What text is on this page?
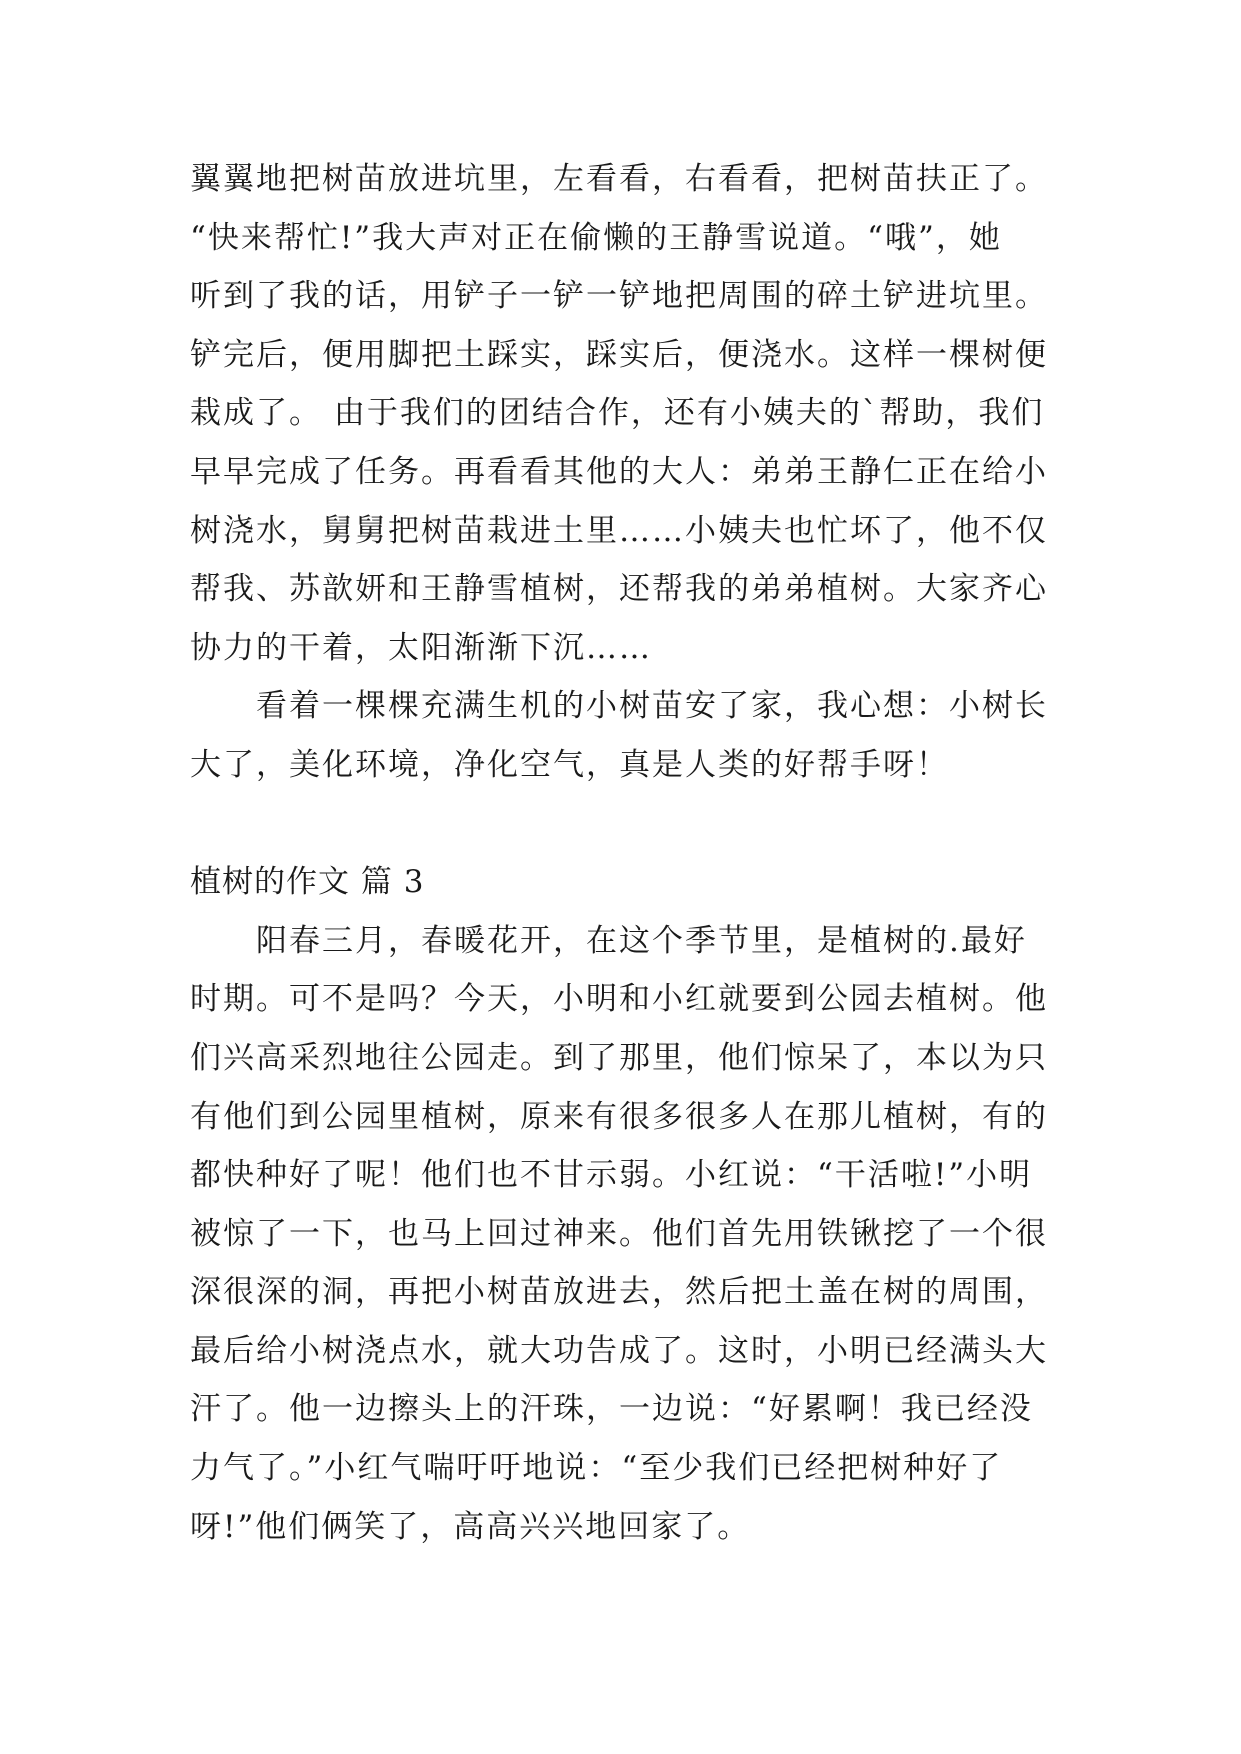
翼翼地把树苗放进坑里，左看看，右看看，把树苗扶正了。
“快来帮忙!”我大声对正在偷懒的王静雪说道。“哦”，她
听到了我的话，用铲子一铲一铲地把周围的碎土铲进坑里。
铲完后，便用脚把土踩实，踩实后，便浇水。这样一棵树便
栽成了。 由于我们的团结合作，还有小姨夫的`帮助，我们
早早完成了任务。再看看其他的大人：弟弟王静仁正在给小
树浇水，舅舅把树苗栽进土里……小姨夫也忙坏了，他不仅
帮我、苏歆妍和王静雪植树，还帮我的弟弟植树。大家齐心
协力的干着，太阳渐渐下沉……
看着一棵棵充满生机的小树苗安了家，我心想：小树长
大了，美化环境，净化空气，真是人类的好帮手呀！
植树的作文 篇 3
阳春三月，春暖花开，在这个季节里，是植树的.最好
时期。可不是吗？今天，小明和小红就要到公园去植树。他
们兴高采烈地往公园走。到了那里，他们惊呆了，本以为只
有他们到公园里植树，原来有很多很多人在那儿植树，有的
都快种好了呢！他们也不甘示弱。小红说：“干活啦!”小明
被惊了一下，也马上回过神来。他们首先用铁锹挖了一个很
深很深的洞，再把小树苗放进去，然后把土盖在树的周围，
最后给小树浇点水，就大功告成了。这时，小明已经满头大
汗了。他一边擦头上的汗珠，一边说：“好累啊！我已经没
力气了。”小红气喘吁吁地说：“至少我们已经把树种好了
呀!”他们俩笑了，高高兴兴地回家了。
